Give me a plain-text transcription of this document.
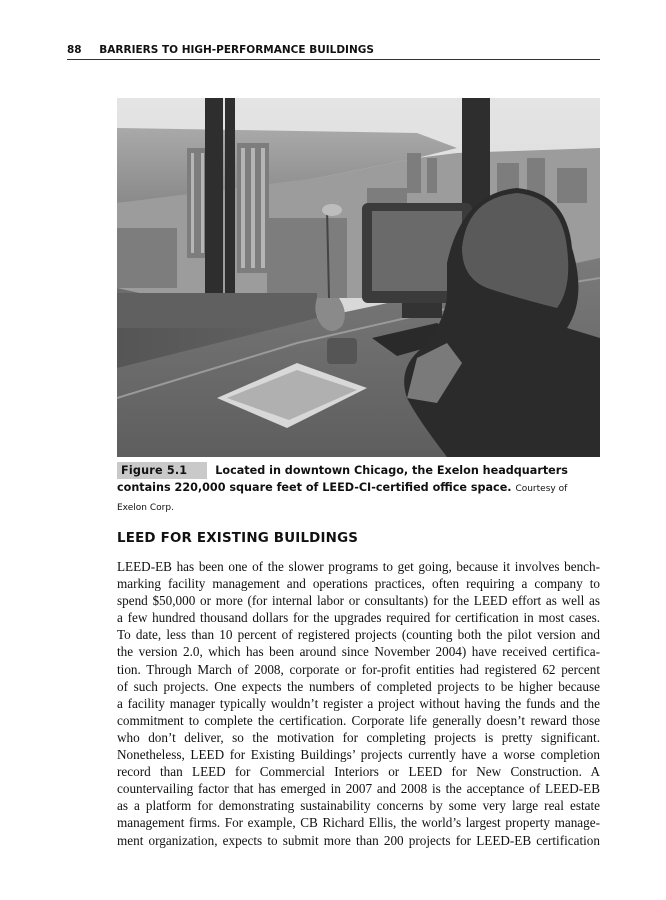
88 BARRIERS TO HIGH-PERFORMANCE BUILDINGS
Figure 5.1	Located in downtown Chicago, the Exelon headquarters contains 220,000 square feet of LEED-CI-certified office space. Courtesy of Exelon Corp.
LEED FOR EXISTING BUILDINGS
LEED-EB has been one of the slower programs to get going, because it involves bench-
marking facility management and operations practices, often requiring a company to
spend $50,000 or more (for internal labor or consultants) for the LEED effort as well as
a few hundred thousand dollars for the upgrades required for certification in most cases.
To date, less than 10 percent of registered projects (counting both the pilot version and
the version 2.0, which has been around since November 2004) have received certifica-
tion. Through March of 2008, corporate or for-profit entities had registered 62 percent
of such projects. One expects the numbers of completed projects to be higher because
a facility manager typically wouldn’t register a project without having the funds and the
commitment to complete the certification. Corporate life generally doesn’t reward those
who don’t deliver, so the motivation for completing projects is pretty significant.
Nonetheless, LEED for Existing Buildings’ projects currently have a worse completion
record than LEED for Commercial Interiors or LEED for New Construction. A
countervailing factor that has emerged in 2007 and 2008 is the acceptance of LEED-EB
as a platform for demonstrating sustainability concerns by some very large real estate
management firms. For example, CB Richard Ellis, the world’s largest property manage-
ment organization, expects to submit more than 200 projects for LEED-EB certification
